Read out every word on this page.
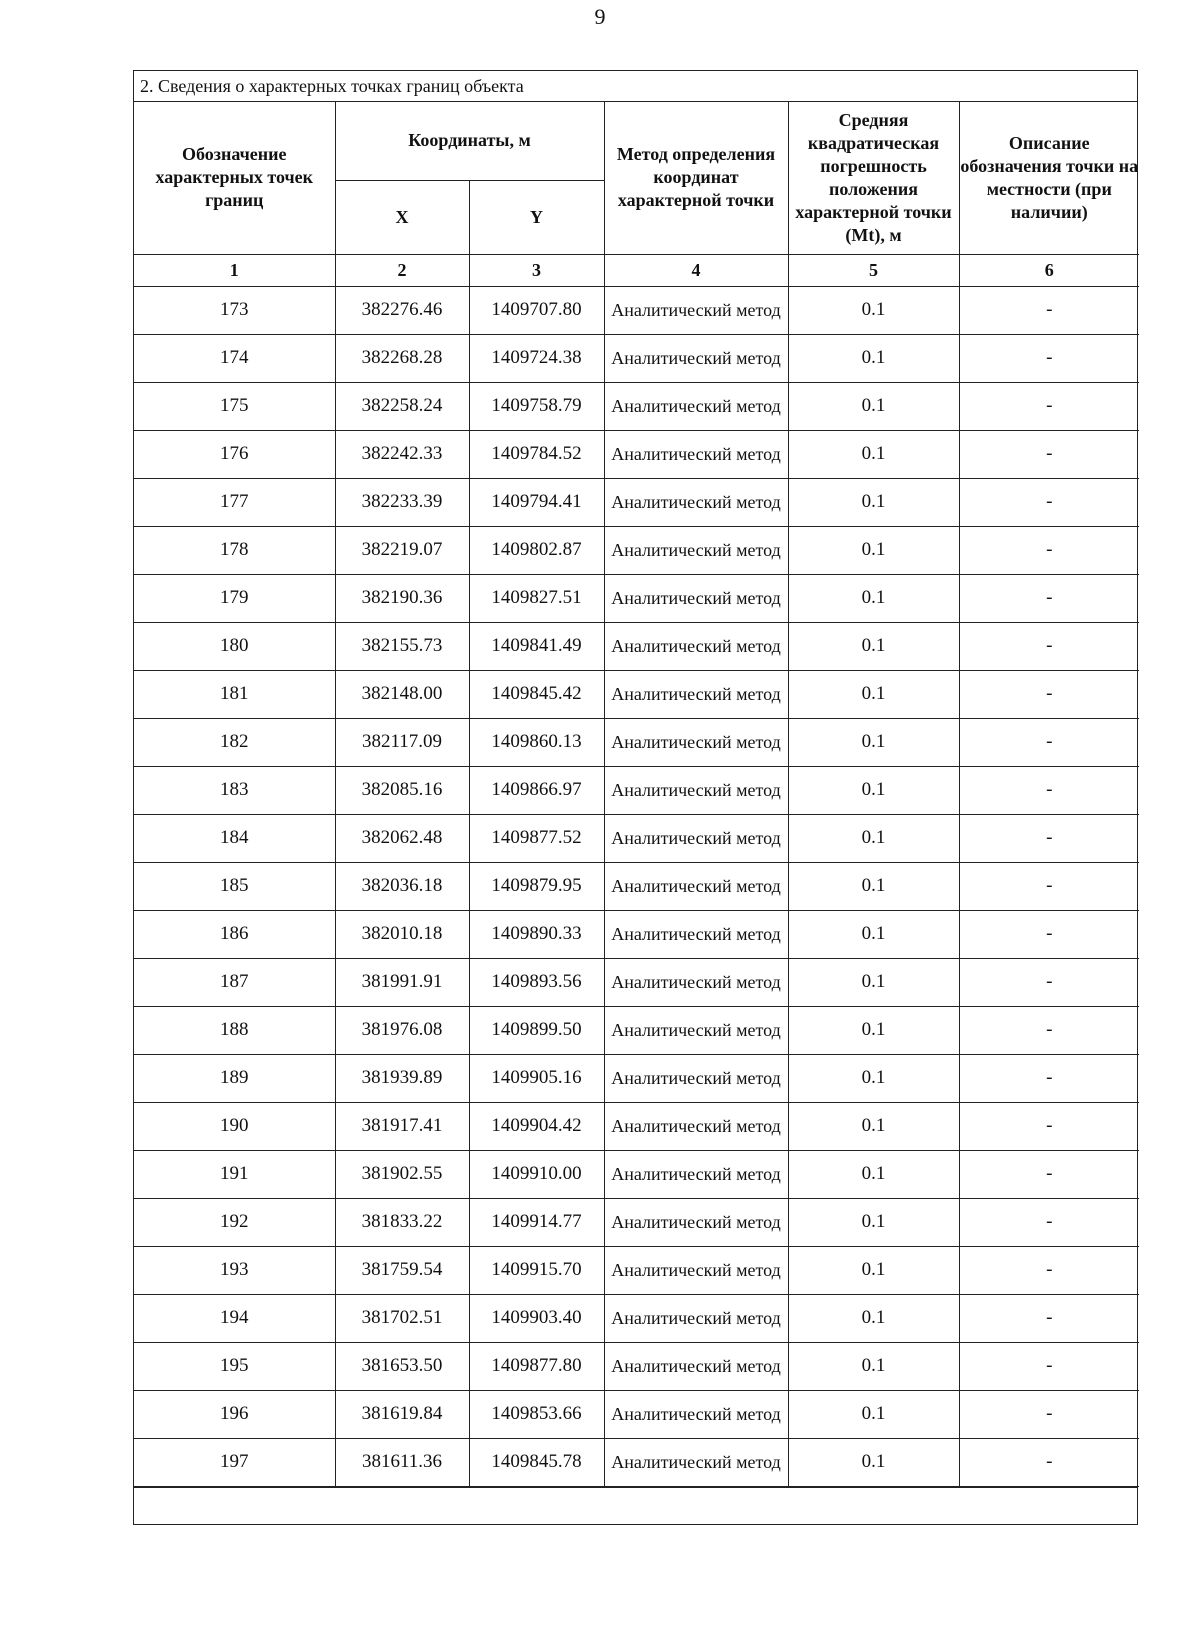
9
2. Сведения о характерных точках границ объекта
Обозначение характерных точек границ	Координаты, м		Метод определения координат характерной точки	Средняя квадратическая погрешность положения характерной точки (Mt), м	Описание обозначения точки на местности (при наличии)
	X	Y			
1	2	3	4	5	6
173	382276.46	1409707.80	Аналитический метод	0.1	-
174	382268.28	1409724.38	Аналитический метод	0.1	-
175	382258.24	1409758.79	Аналитический метод	0.1	-
176	382242.33	1409784.52	Аналитический метод	0.1	-
177	382233.39	1409794.41	Аналитический метод	0.1	-
178	382219.07	1409802.87	Аналитический метод	0.1	-
179	382190.36	1409827.51	Аналитический метод	0.1	-
180	382155.73	1409841.49	Аналитический метод	0.1	-
181	382148.00	1409845.42	Аналитический метод	0.1	-
182	382117.09	1409860.13	Аналитический метод	0.1	-
183	382085.16	1409866.97	Аналитический метод	0.1	-
184	382062.48	1409877.52	Аналитический метод	0.1	-
185	382036.18	1409879.95	Аналитический метод	0.1	-
186	382010.18	1409890.33	Аналитический метод	0.1	-
187	381991.91	1409893.56	Аналитический метод	0.1	-
188	381976.08	1409899.50	Аналитический метод	0.1	-
189	381939.89	1409905.16	Аналитический метод	0.1	-
190	381917.41	1409904.42	Аналитический метод	0.1	-
191	381902.55	1409910.00	Аналитический метод	0.1	-
192	381833.22	1409914.77	Аналитический метод	0.1	-
193	381759.54	1409915.70	Аналитический метод	0.1	-
194	381702.51	1409903.40	Аналитический метод	0.1	-
195	381653.50	1409877.80	Аналитический метод	0.1	-
196	381619.84	1409853.66	Аналитический метод	0.1	-
197	381611.36	1409845.78	Аналитический метод	0.1	-
